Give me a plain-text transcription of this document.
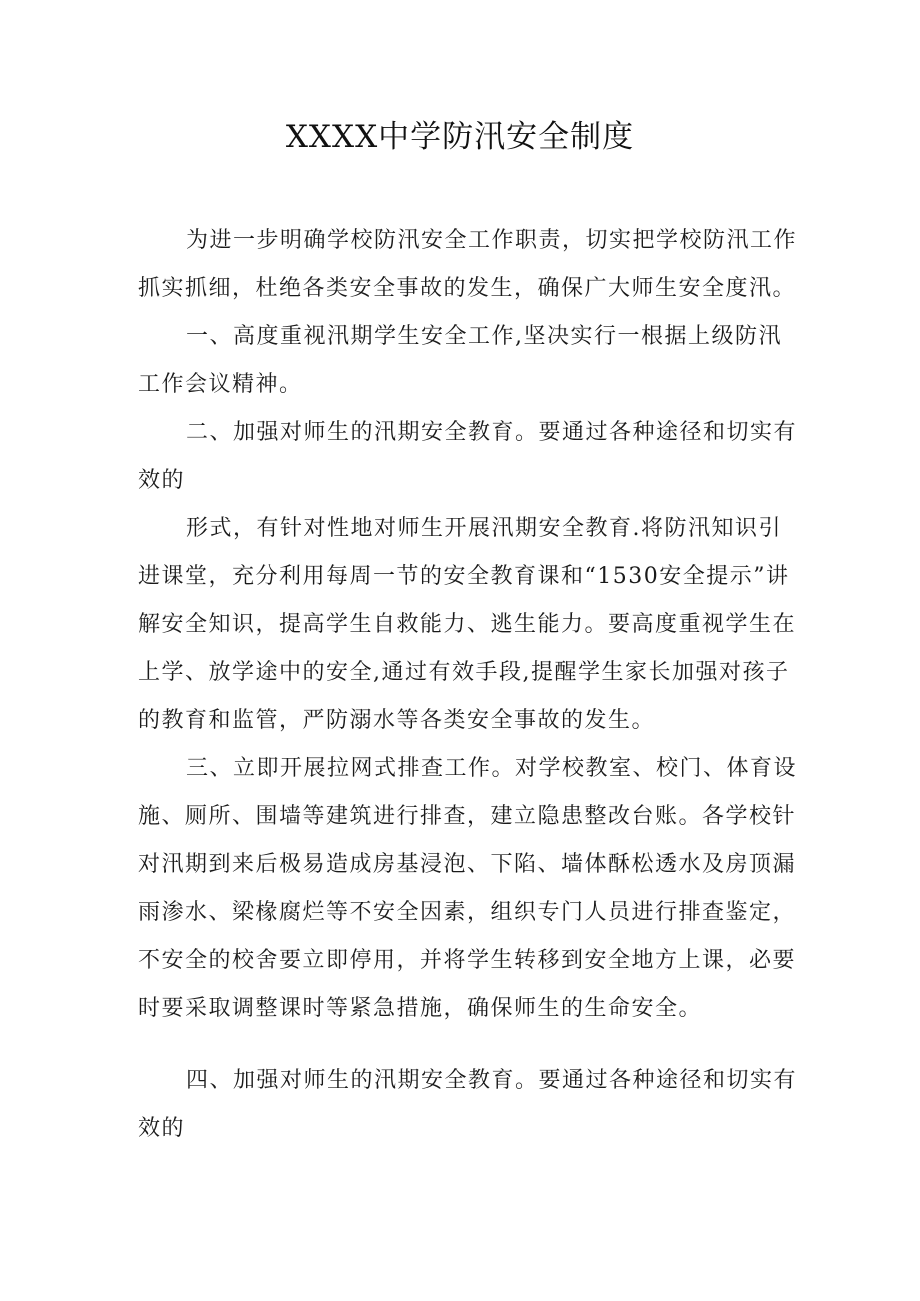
XXXX中学防汛安全制度
为进一步明确学校防汛安全工作职责，切实把学校防汛工作
抓实抓细，杜绝各类安全事故的发生，确保广大师生安全度汛。
一、高度重视汛期学生安全工作,坚决实行一根据上级防汛
工作会议精神。
二、加强对师生的汛期安全教育。要通过各种途径和切实有
效的
形式，有针对性地对师生开展汛期安全教育.将防汛知识引
进课堂，充分利用每周一节的安全教育课和“1530安全提示”讲
解安全知识，提高学生自救能力、逃生能力。要高度重视学生在
上学、放学途中的安全,通过有效手段,提醒学生家长加强对孩子
的教育和监管，严防溺水等各类安全事故的发生。
三、立即开展拉网式排查工作。对学校教室、校门、体育设
施、厕所、围墙等建筑进行排查，建立隐患整改台账。各学校针
对汛期到来后极易造成房基浸泡、下陷、墙体酥松透水及房顶漏
雨渗水、梁椽腐烂等不安全因素，组织专门人员进行排查鉴定，
不安全的校舍要立即停用，并将学生转移到安全地方上课，必要
时要采取调整课时等紧急措施，确保师生的生命安全。
四、加强对师生的汛期安全教育。要通过各种途径和切实有
效的
